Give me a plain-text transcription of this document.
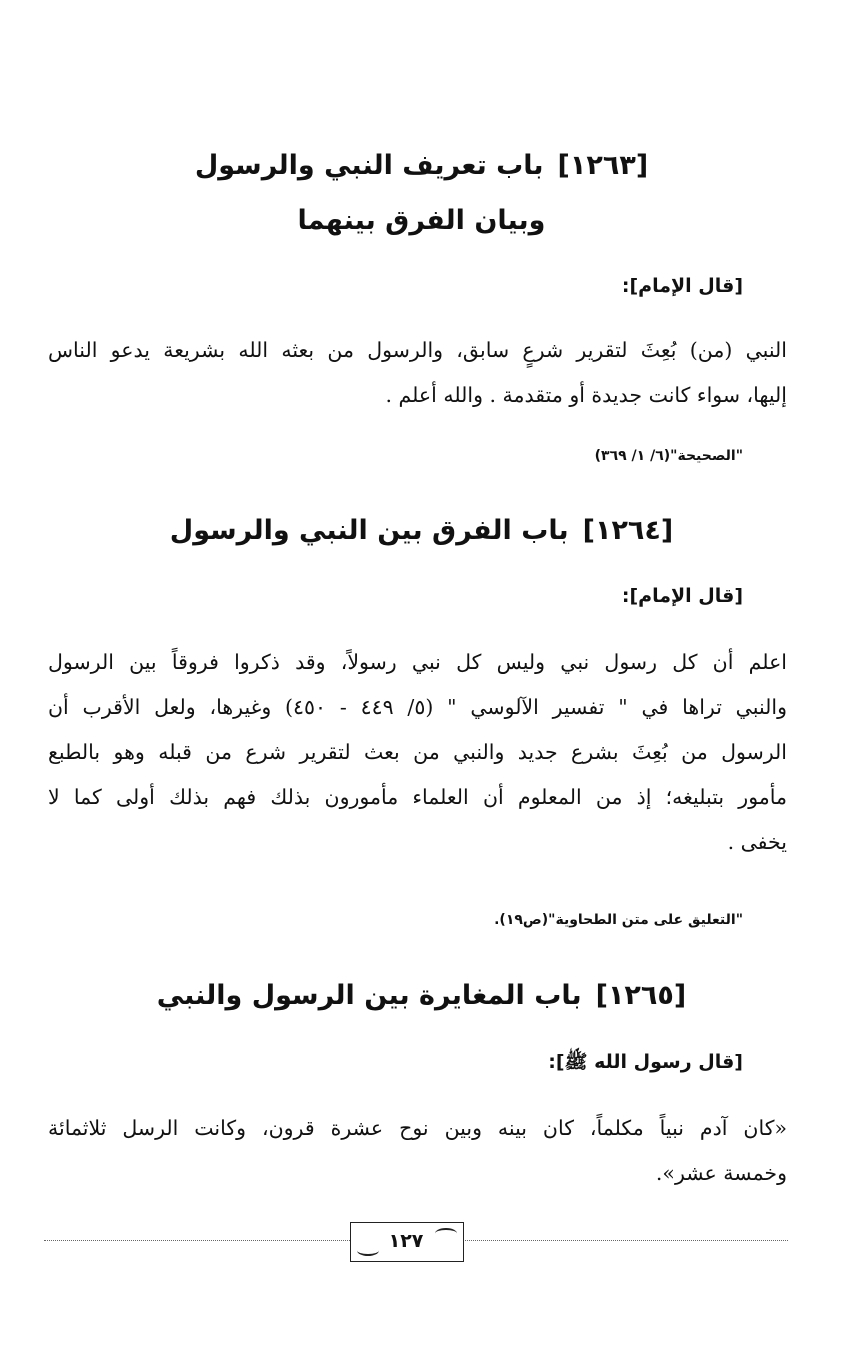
[١٢٦٣]باب تعريف النبي والرسول
وبيان الفرق بينهما
[قال الإمام]:
النبي (من) بُعِثَ لتقرير شرعٍ سابق، والرسول من بعثه الله بشريعة يدعو الناس
إليها، سواء كانت جديدة أو متقدمة . والله أعلم .
"الصحيحة"(٦/ ١/ ٣٦٩)
[١٢٦٤]باب الفرق بين النبي والرسول
[قال الإمام]:
اعلم أن كل رسول نبي وليس كل نبي رسولاً، وقد ذكروا فروقاً بين الرسول
والنبي تراها في " تفسير الآلوسي " (٥/ ٤٤٩ - ٤٥٠) وغيرها، ولعل الأقرب أن
الرسول من بُعِثَ بشرع جديد والنبي من بعث لتقرير شرع من قبله وهو بالطبع
مأمور بتبليغه؛ إذ من المعلوم أن العلماء مأمورون بذلك فهم بذلك أولى كما لا
يخفى .
"التعليق على متن الطحاوية"(ص١٩).
[١٢٦٥]باب المغايرة بين الرسول والنبي
[قال رسول الله ﷺ]:
«كان آدم نبياً مكلماً، كان بينه وبين نوح عشرة قرون، وكانت الرسل ثلاثمائة
وخمسة عشر».
١٢٧
